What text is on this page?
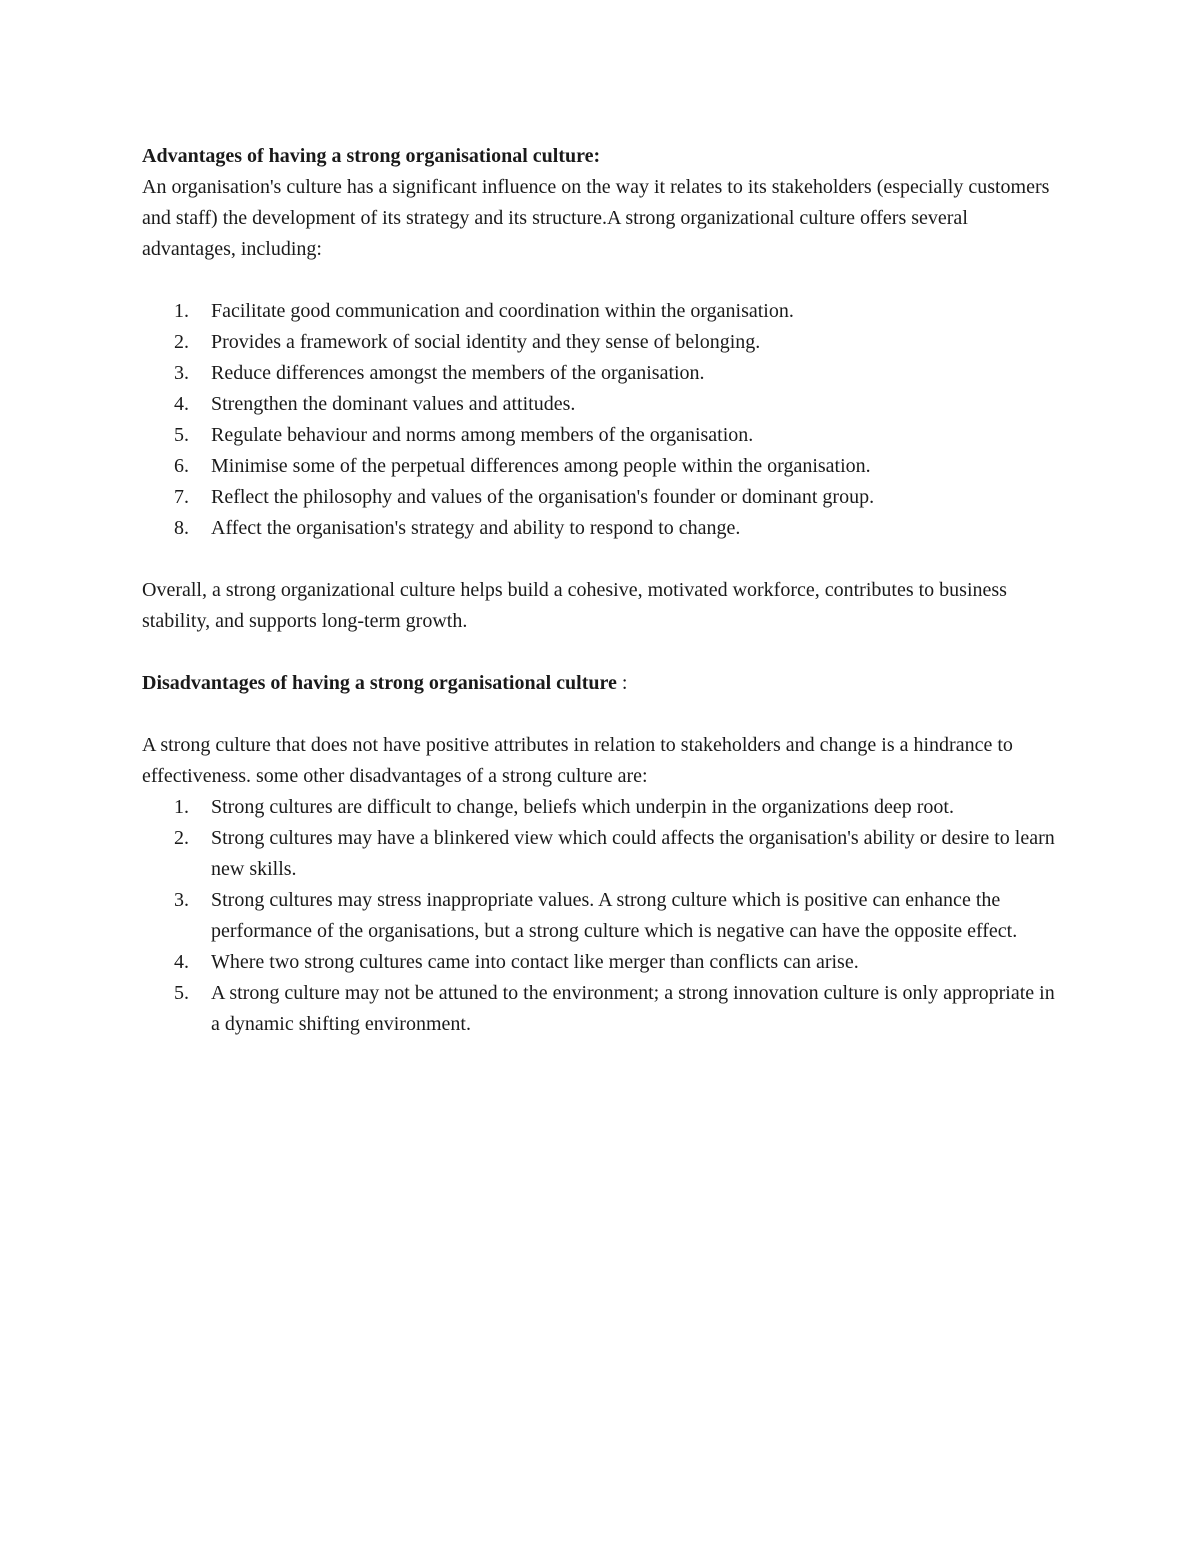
Advantages of having a strong organisational culture:

An organisation's culture has a significant influence on the way it relates to its stakeholders (especially customers and staff) the development of its strategy and its structure.A strong organizational culture offers several advantages, including:

1. Facilitate good communication and coordination within the organisation.
2. Provides a framework of social identity and they sense of belonging.
3. Reduce differences amongst the members of the organisation.
4. Strengthen the dominant values and attitudes.
5. Regulate behaviour and norms among members of the organisation.
6. Minimise some of the perpetual differences among people within the organisation.
7. Reflect the philosophy and values of the organisation's founder or dominant group.
8. Affect the organisation's strategy and ability to respond to change.

Overall, a strong organizational culture helps build a cohesive, motivated workforce, contributes to business stability, and supports long-term growth.

Disadvantages of having a strong organisational culture :

A strong culture that does not have positive attributes in relation to stakeholders and change is a hindrance to effectiveness. some other disadvantages of a strong culture are:

1. Strong cultures are difficult to change, beliefs which underpin in the organizations deep root.
2. Strong cultures may have a blinkered view which could affects the organisation's ability or desire to learn new skills.
3. Strong cultures may stress inappropriate values. A strong culture which is positive can enhance the performance of the organisations, but a strong culture which is negative can have the opposite effect.
4. Where two strong cultures came into contact like merger than conflicts can arise.
5. A strong culture may not be attuned to the environment; a strong innovation culture is only appropriate in a dynamic shifting environment.
